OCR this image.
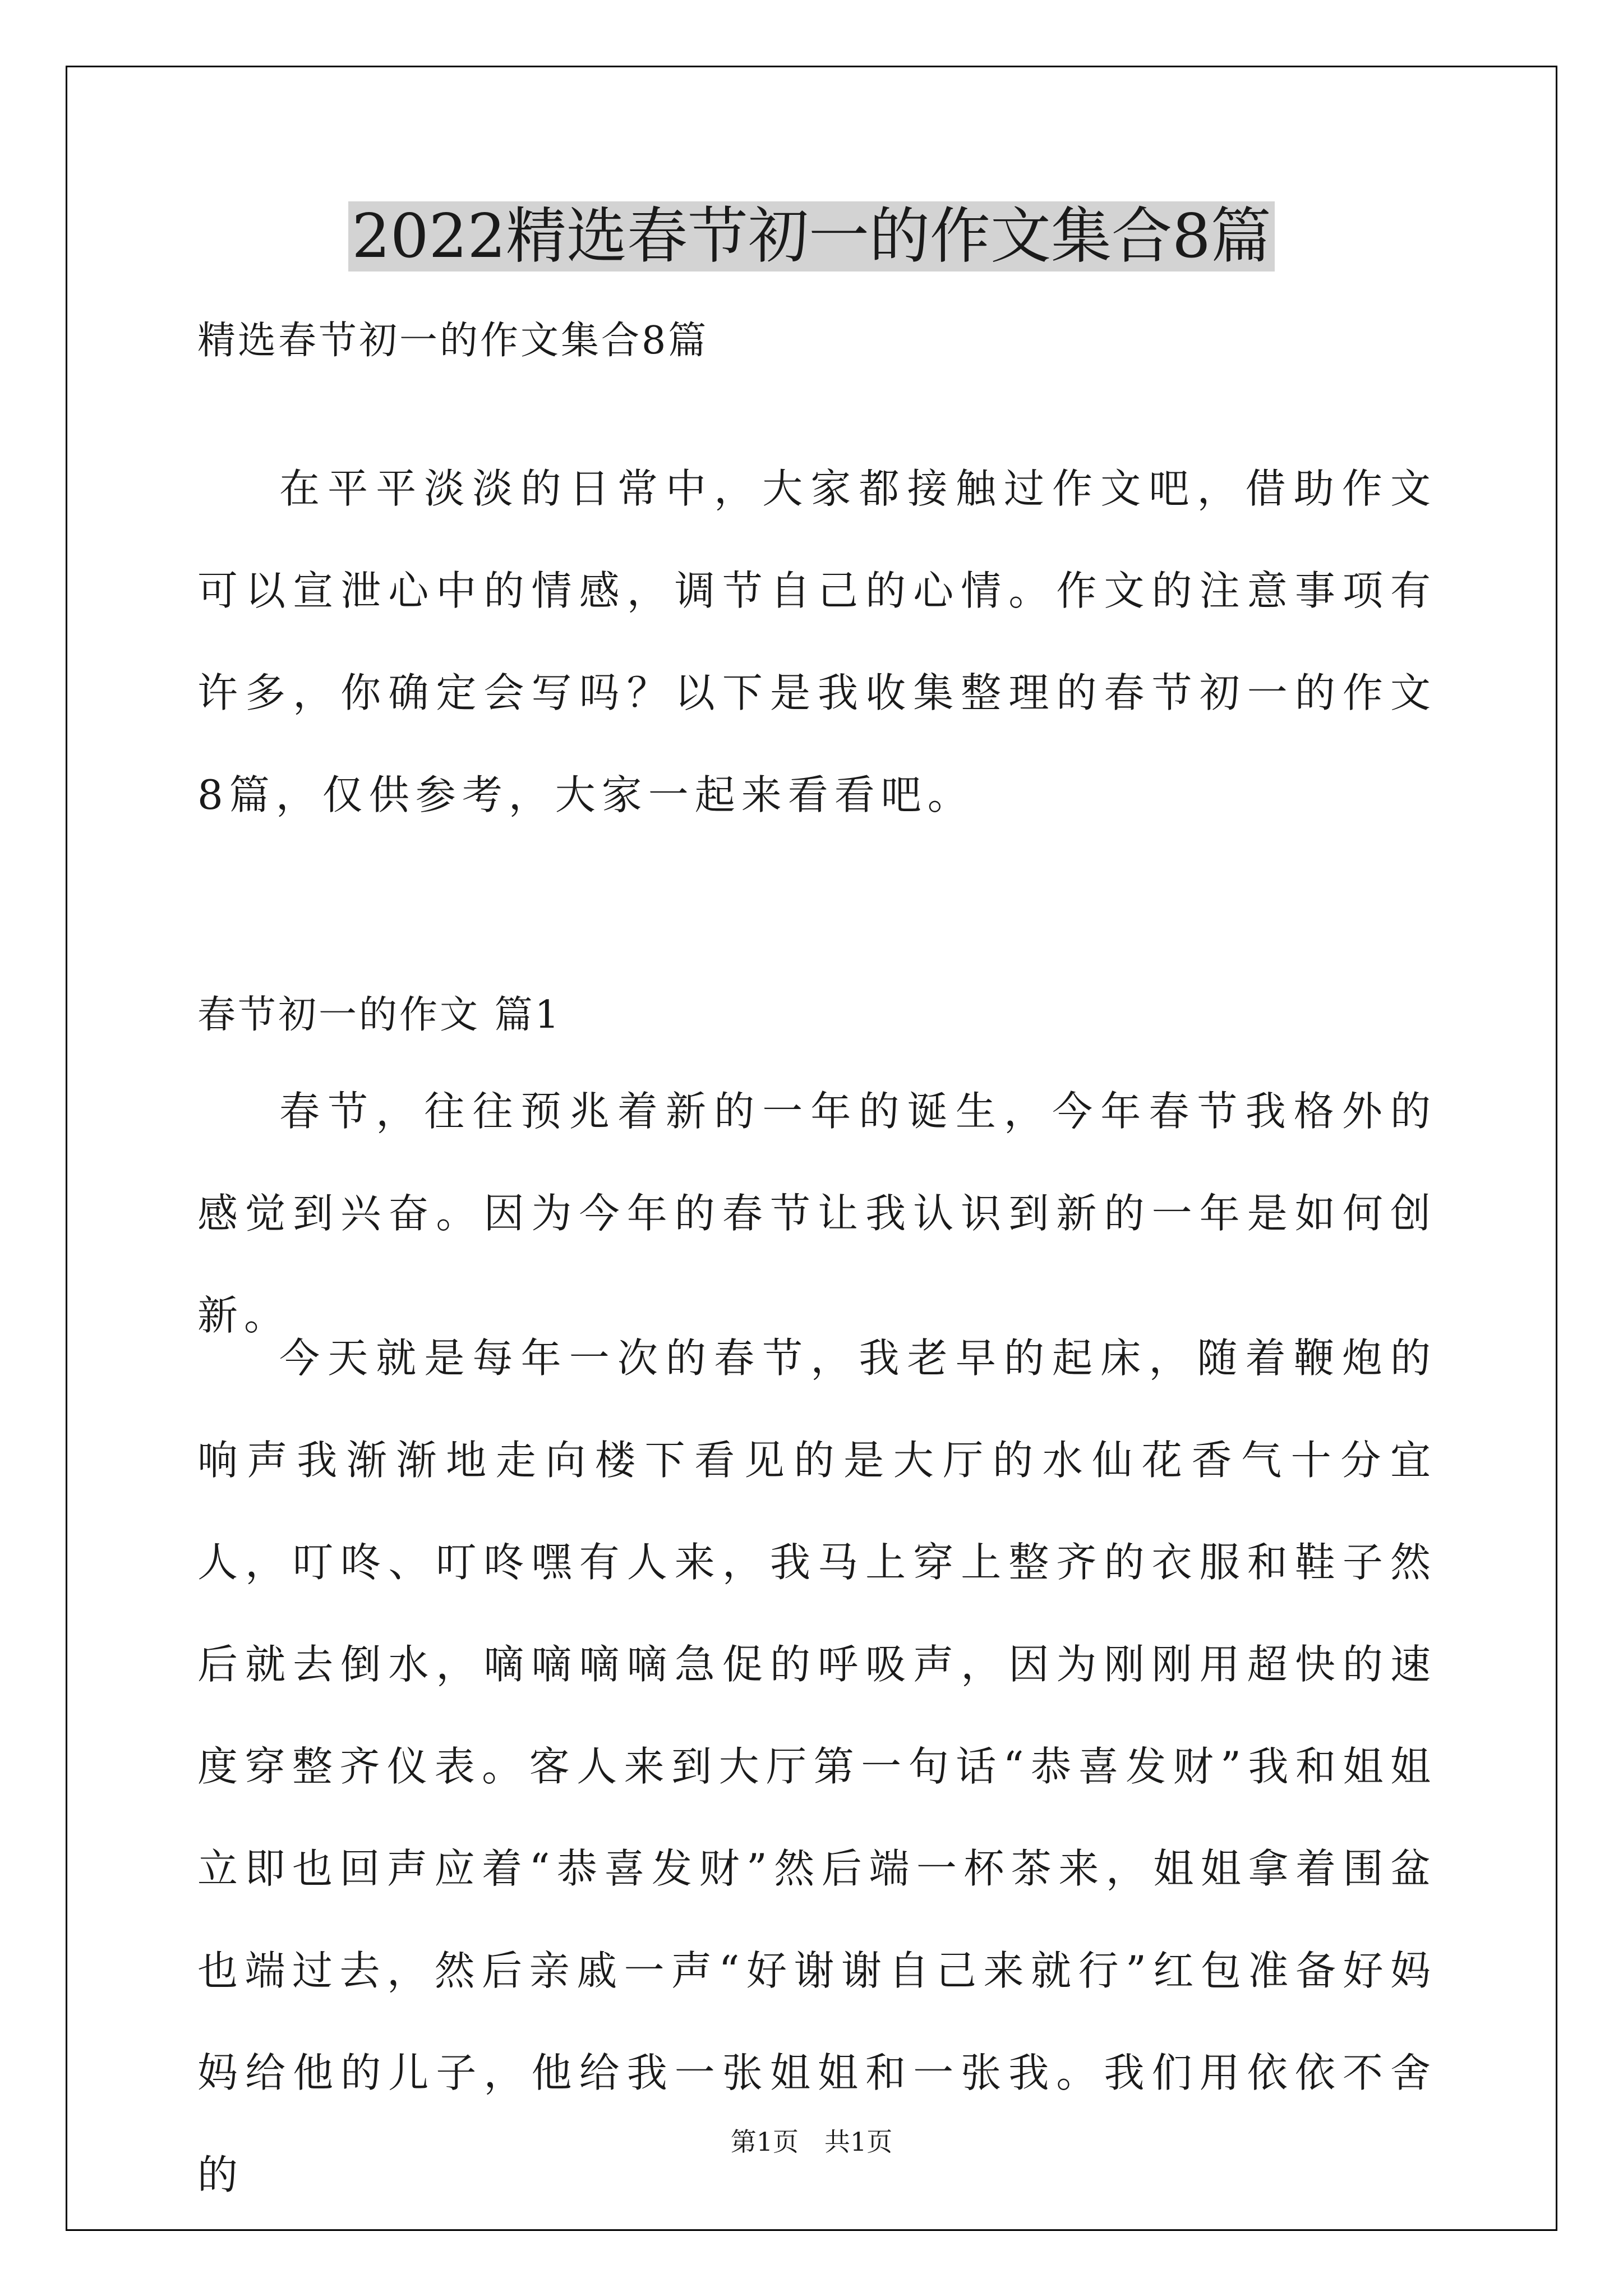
2022精选春节初一的作文集合8篇
精选春节初一的作文集合8篇

在平平淡淡的日常中，大家都接触过作文吧，借助作文可以宣泄心中的情感，调节自己的心情。作文的注意事项有许多，你确定会写吗？以下是我收集整理的春节初一的作文8篇，仅供参考，大家一起来看看吧。

春节初一的作文 篇1

春节，往往预兆着新的一年的诞生，今年春节我格外的感觉到兴奋。因为今年的春节让我认识到新的一年是如何创新。

今天就是每年一次的春节，我老早的起床，随着鞭炮的响声我渐渐地走向楼下看见的是大厅的水仙花香气十分宜人，叮咚、叮咚嘿有人来，我马上穿上整齐的衣服和鞋子然后就去倒水，嘀嘀嘀嘀急促的呼吸声，因为刚刚用超快的速度穿整齐仪表。客人来到大厅第一句话“恭喜发财”我和姐姐立即也回声应着“恭喜发财”然后端一杯茶来，姐姐拿着围盆也端过去，然后亲戚一声“好谢谢自己来就行”红包准备好妈妈给他的儿子，他给我一张姐姐和一张我。我们用依依不舍的

第1页　共1页
